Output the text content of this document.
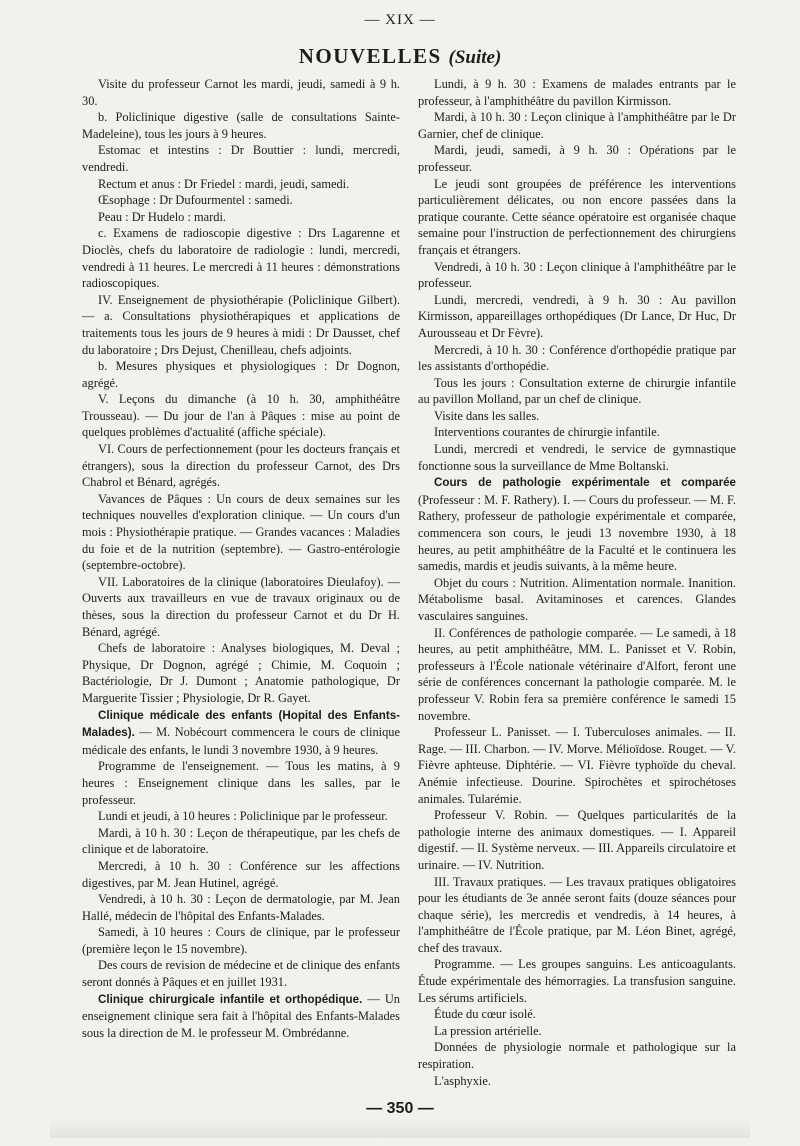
— XIX —
NOUVELLES (Suite)

Visite du professeur Carnot les mardi, jeudi, samedi à 9 h. 30.

b. Policlinique digestive (salle de consultations Sainte-Madeleine), tous les jours à 9 heures.

Estomac et intestins : Dr Bouttier : lundi, mercredi, vendredi.

Rectum et anus : Dr Friedel : mardi, jeudi, samedi.

Œsophage : Dr Dufourmentel : samedi.

Peau : Dr Hudelo : mardi.

c. Examens de radioscopie digestive : Drs Lagarenne et Dioclès, chefs du laboratoire de radiologie : lundi, mercredi, vendredi à 11 heures. Le mercredi à 11 heures : démonstrations radioscopiques.

IV. Enseignement de physiothérapie (Policlinique Gilbert). — a. Consultations physiothérapiques et applications de traitements tous les jours de 9 heures à midi : Dr Dausset, chef du laboratoire ; Drs Dejust, Chenilleau, chefs adjoints.

b. Mesures physiques et physiologiques : Dr Dognon, agrégé.

V. Leçons du dimanche (à 10 h. 30, amphithéâtre Trousseau). — Du jour de l'an à Pâques : mise au point de quelques problèmes d'actualité (affiche spéciale).

VI. Cours de perfectionnement (pour les docteurs français et étrangers), sous la direction du professeur Carnot, des Drs Chabrol et Bénard, agrégés.

Vavances de Pâques : Un cours de deux semaines sur les techniques nouvelles d'exploration clinique. — Un cours d'un mois : Physiothérapie pratique. — Grandes vacances : Maladies du foie et de la nutrition (septembre). — Gastro-entérologie (septembre-octobre).

VII. Laboratoires de la clinique (laboratoires Dieulafoy). — Ouverts aux travailleurs en vue de travaux originaux ou de thèses, sous la direction du professeur Carnot et du Dr H. Bénard, agrégé.

Chefs de laboratoire : Analyses biologiques, M. Deval ; Physique, Dr Dognon, agrégé ; Chimie, M. Coquoin ; Bactériologie, Dr J. Dumont ; Anatomie pathologique, Dr Marguerite Tissier ; Physiologie, Dr R. Gayet.

Clinique médicale des enfants (Hopital des Enfants-Malades). — M. Nobécourt commencera le cours de clinique médicale des enfants, le lundi 3 novembre 1930, à 9 heures.

Programme de l'enseignement. — Tous les matins, à 9 heures : Enseignement clinique dans les salles, par le professeur.

Lundi et jeudi, à 10 heures : Policlinique par le professeur.

Mardi, à 10 h. 30 : Leçon de thérapeutique, par les chefs de clinique et de laboratoire.

Mercredi, à 10 h. 30 : Conférence sur les affections digestives, par M. Jean Hutinel, agrégé.

Vendredi, à 10 h. 30 : Leçon de dermatologie, par M. Jean Hallé, médecin de l'hôpital des Enfants-Malades.

Samedi, à 10 heures : Cours de clinique, par le professeur (première leçon le 15 novembre).

Des cours de revision de médecine et de clinique des enfants seront donnés à Pâques et en juillet 1931.

Clinique chirurgicale infantile et orthopédique. — Un enseignement clinique sera fait à l'hôpital des Enfants-Malades sous la direction de M. le professeur M. Ombrédanne.

Lundi, à 9 h. 30 : Examens de malades entrants par le professeur, à l'amphithéâtre du pavillon Kirmisson.

Mardi, à 10 h. 30 : Leçon clinique à l'amphithéâtre par le Dr Garnier, chef de clinique.

Mardi, jeudi, samedi, à 9 h. 30 : Opérations par le professeur.

Le jeudi sont groupées de préférence les interventions particulièrement délicates, ou non encore passées dans la pratique courante. Cette séance opératoire est organisée chaque semaine pour l'instruction de perfectionnement des chirurgiens français et étrangers.

Vendredi, à 10 h. 30 : Leçon clinique à l'amphithéâtre par le professeur.

Lundi, mercredi, vendredi, à 9 h. 30 : Au pavillon Kirmisson, appareillages orthopédiques (Dr Lance, Dr Huc, Dr Aurousseau et Dr Fèvre).

Mercredi, à 10 h. 30 : Conférence d'orthopédie pratique par les assistants d'orthopédie.

Tous les jours : Consultation externe de chirurgie infantile au pavillon Molland, par un chef de clinique.

Visite dans les salles.

Interventions courantes de chirurgie infantile.

Lundi, mercredi et vendredi, le service de gymnastique fonctionne sous la surveillance de Mme Boltanski.

Cours de pathologie expérimentale et comparée (Professeur : M. F. Rathery). I. — Cours du professeur. — M. F. Rathery, professeur de pathologie expérimentale et comparée, commencera son cours, le jeudi 13 novembre 1930, à 18 heures, au petit amphithéâtre de la Faculté et le continuera les samedis, mardis et jeudis suivants, à la même heure.

Objet du cours : Nutrition. Alimentation normale. Inanition. Métabolisme basal. Avitaminoses et carences. Glandes vasculaires sanguines.

II. Conférences de pathologie comparée. — Le samedi, à 18 heures, au petit amphithéâtre, MM. L. Panisset et V. Robin, professeurs à l'École nationale vétérinaire d'Alfort, feront une série de conférences concernant la pathologie comparée. M. le professeur V. Robin fera sa première conférence le samedi 15 novembre.

Professeur L. Panisset. — I. Tuberculoses animales. — II. Rage. — III. Charbon. — IV. Morve. Mélioïdose. Rouget. — V. Fièvre aphteuse. Diphtérie. — VI. Fièvre typhoïde du cheval. Anémie infectieuse. Dourine. Spirochètes et spirochétoses animales. Tularémie.

Professeur V. Robin. — Quelques particularités de la pathologie interne des animaux domestiques. — I. Appareil digestif. — II. Système nerveux. — III. Appareils circulatoire et urinaire. — IV. Nutrition.

III. Travaux pratiques. — Les travaux pratiques obligatoires pour les étudiants de 3e année seront faits (douze séances pour chaque série), les mercredis et vendredis, à 14 heures, à l'amphithéâtre de l'École pratique, par M. Léon Binet, agrégé, chef des travaux.

Programme. — Les groupes sanguins. Les anticoagulants. Étude expérimentale des hémorragies. La transfusion sanguine. Les sérums artificiels.

Étude du cœur isolé.

La pression artérielle.

Données de physiologie normale et pathologique sur la respiration.

L'asphyxie.

— 350 —
